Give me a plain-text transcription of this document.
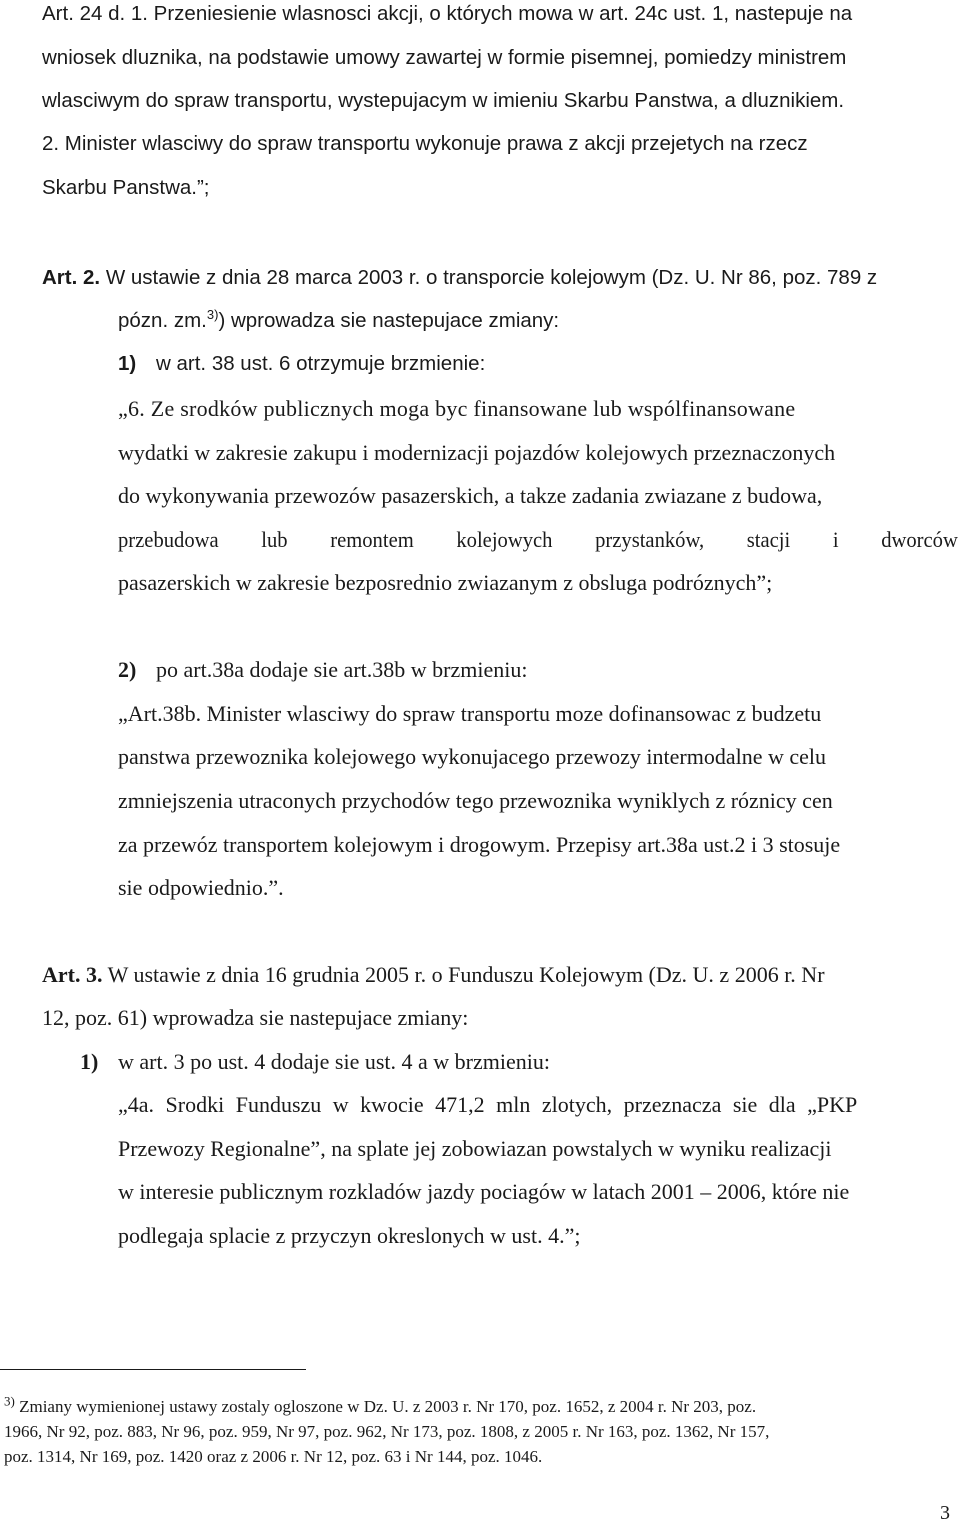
Art. 24 d. 1. Przeniesienie wlasnosci akcji, o których mowa w art. 24c ust. 1, nastepuje na
wniosek dluznika, na podstawie umowy zawartej w formie pisemnej, pomiedzy ministrem
wlasciwym do spraw transportu, wystepujacym w imieniu Skarbu Panstwa, a dluznikiem.
2. Minister wlasciwy do spraw transportu wykonuje prawa z akcji przejetych na rzecz
Skarbu Panstwa.”;
Art. 2. W ustawie z dnia 28 marca 2003 r. o transporcie kolejowym (Dz. U. Nr 86, poz. 789 z
pózn. zm.$^{3)}$) wprowadza sie nastepujace zmiany:
1) w art. 38 ust. 6 otrzymuje brzmienie:
„6. Ze srodków publicznych moga byc finansowane lub wspólfinansowane
wydatki w zakresie zakupu i modernizacji pojazdów kolejowych przeznaczonych
do wykonywania przewozów pasazerskich, a takze zadania zwiazane z budowa,
przebudowa lub remontem kolejowych przystanków, stacji i dworców
pasazerskich w zakresie bezposrednio zwiazanym z obsluga podróznych”;
2) po art.38a dodaje sie art.38b w brzmieniu:
„Art.38b. Minister wlasciwy do spraw transportu moze dofinansowac z budzetu
panstwa przewoznika kolejowego wykonujacego przewozy intermodalne w celu
zmniejszenia utraconych przychodów tego przewoznika wyniklych z róznicy cen
za przewóz transportem kolejowym i drogowym. Przepisy art.38a ust.2 i 3 stosuje
sie odpowiednio.”.
Art. 3. W ustawie z dnia 16 grudnia 2005 r. o Funduszu Kolejowym (Dz. U. z 2006 r. Nr
12, poz. 61) wprowadza sie nastepujace zmiany:
1) w art. 3 po ust. 4 dodaje sie ust. 4 a w brzmieniu:
„4a. Srodki Funduszu w kwocie 471,2 mln zlotych, przeznacza sie dla „PKP
Przewozy Regionalne”, na splate jej zobowiazan powstalych w wyniku realizacji
w interesie publicznym rozkladów jazdy pociagów w latach 2001 – 2006, które nie
podlegaja splacie z przyczyn okreslonych w ust. 4.”;
$^{3)}$ Zmiany wymienionej ustawy zostaly ogloszone w Dz. U. z 2003 r. Nr 170, poz. 1652, z 2004 r. Nr 203, poz.
1966, Nr 92, poz. 883, Nr 96, poz. 959, Nr 97, poz. 962, Nr 173, poz. 1808, z 2005 r. Nr 163, poz. 1362, Nr 157,
poz. 1314, Nr 169, poz. 1420 oraz z 2006 r. Nr 12, poz. 63 i Nr 144, poz. 1046.
3
